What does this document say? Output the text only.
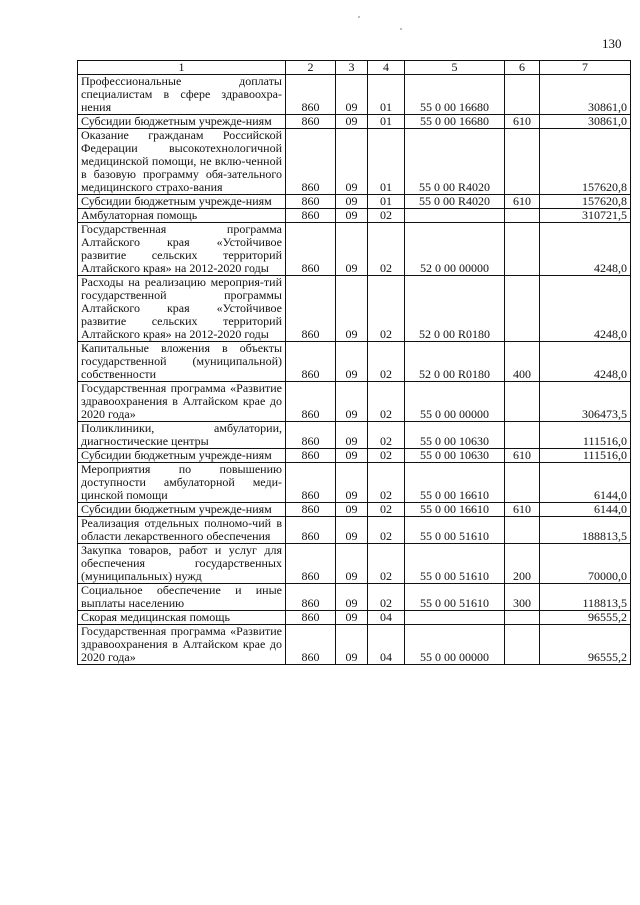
130
1	2	3	4	5	6	7
Профессиональные доплаты специалистам в сфере здравоохра-нения	860	09	01	55 0 00 16680		30861,0
Субсидии бюджетным учрежде-ниям	860	09	01	55 0 00 16680	610	30861,0
Оказание гражданам Российской Федерации высокотехнологичной медицинской помощи, не вклю-ченной в базовую программу обя-зательного медицинского страхо-вания	860	09	01	55 0 00 R4020		157620,8
Субсидии бюджетным учрежде-ниям	860	09	01	55 0 00 R4020	610	157620,8
Амбулаторная помощь	860	09	02			310721,5
Государственная программа Алтайского края «Устойчивое развитие сельских территорий Алтайского края» на 2012-2020 годы	860	09	02	52 0 00 00000		4248,0
Расходы на реализацию мероприя-тий государственной программы Алтайского края «Устойчивое развитие сельских территорий Алтайского края» на 2012-2020 годы	860	09	02	52 0 00 R0180		4248,0
Капитальные вложения в объекты государственной (муниципальной) собственности	860	09	02	52 0 00 R0180	400	4248,0
Государственная программа «Развитие здравоохранения в Алтайском крае до 2020 года»	860	09	02	55 0 00 00000		306473,5
Поликлиники, амбулатории, диагностические центры	860	09	02	55 0 00 10630		111516,0
Субсидии бюджетным учрежде-ниям	860	09	02	55 0 00 10630	610	111516,0
Мероприятия по повышению доступности амбулаторной меди-цинской помощи	860	09	02	55 0 00 16610		6144,0
Субсидии бюджетным учрежде-ниям	860	09	02	55 0 00 16610	610	6144,0
Реализация отдельных полномо-чий в области лекарственного обеспечения	860	09	02	55 0 00 51610		188813,5
Закупка товаров, работ и услуг для обеспечения государственных (муниципальных) нужд	860	09	02	55 0 00 51610	200	70000,0
Социальное обеспечение и иные выплаты населению	860	09	02	55 0 00 51610	300	118813,5
Скорая медицинская помощь	860	09	04			96555,2
Государственная программа «Развитие здравоохранения в Алтайском крае до 2020 года»	860	09	04	55 0 00 00000		96555,2
